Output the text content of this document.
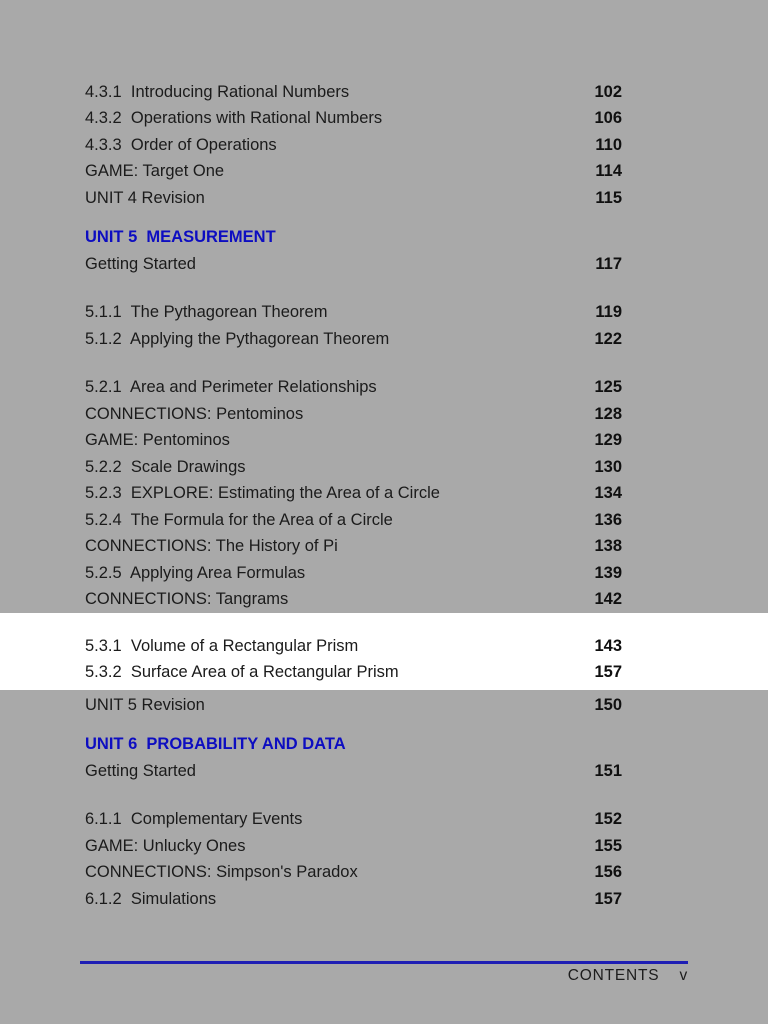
4.3.1  Introducing Rational Numbers	102
4.3.2  Operations with Rational Numbers	106
4.3.3  Order of Operations	110
GAME: Target One	114
UNIT 4 Revision	115
UNIT 5  MEASUREMENT
Getting Started	117
5.1.1  The Pythagorean Theorem	119
5.1.2  Applying the Pythagorean Theorem	122
5.2.1  Area and Perimeter Relationships	125
CONNECTIONS: Pentominos	128
GAME: Pentominos	129
5.2.2  Scale Drawings	130
5.2.3  EXPLORE: Estimating the Area of a Circle	134
5.2.4  The Formula for the Area of a Circle	136
CONNECTIONS: The History of Pi	138
5.2.5  Applying Area Formulas	139
CONNECTIONS: Tangrams	142
5.3.1  Volume of a Rectangular Prism	143
5.3.2  Surface Area of a Rectangular Prism	157
UNIT 5 Revision	150
UNIT 6  PROBABILITY AND DATA
Getting Started	151
6.1.1  Complementary Events	152
GAME: Unlucky Ones	155
CONNECTIONS: Simpson's Paradox	156
6.1.2  Simulations	157
CONTENTS v
